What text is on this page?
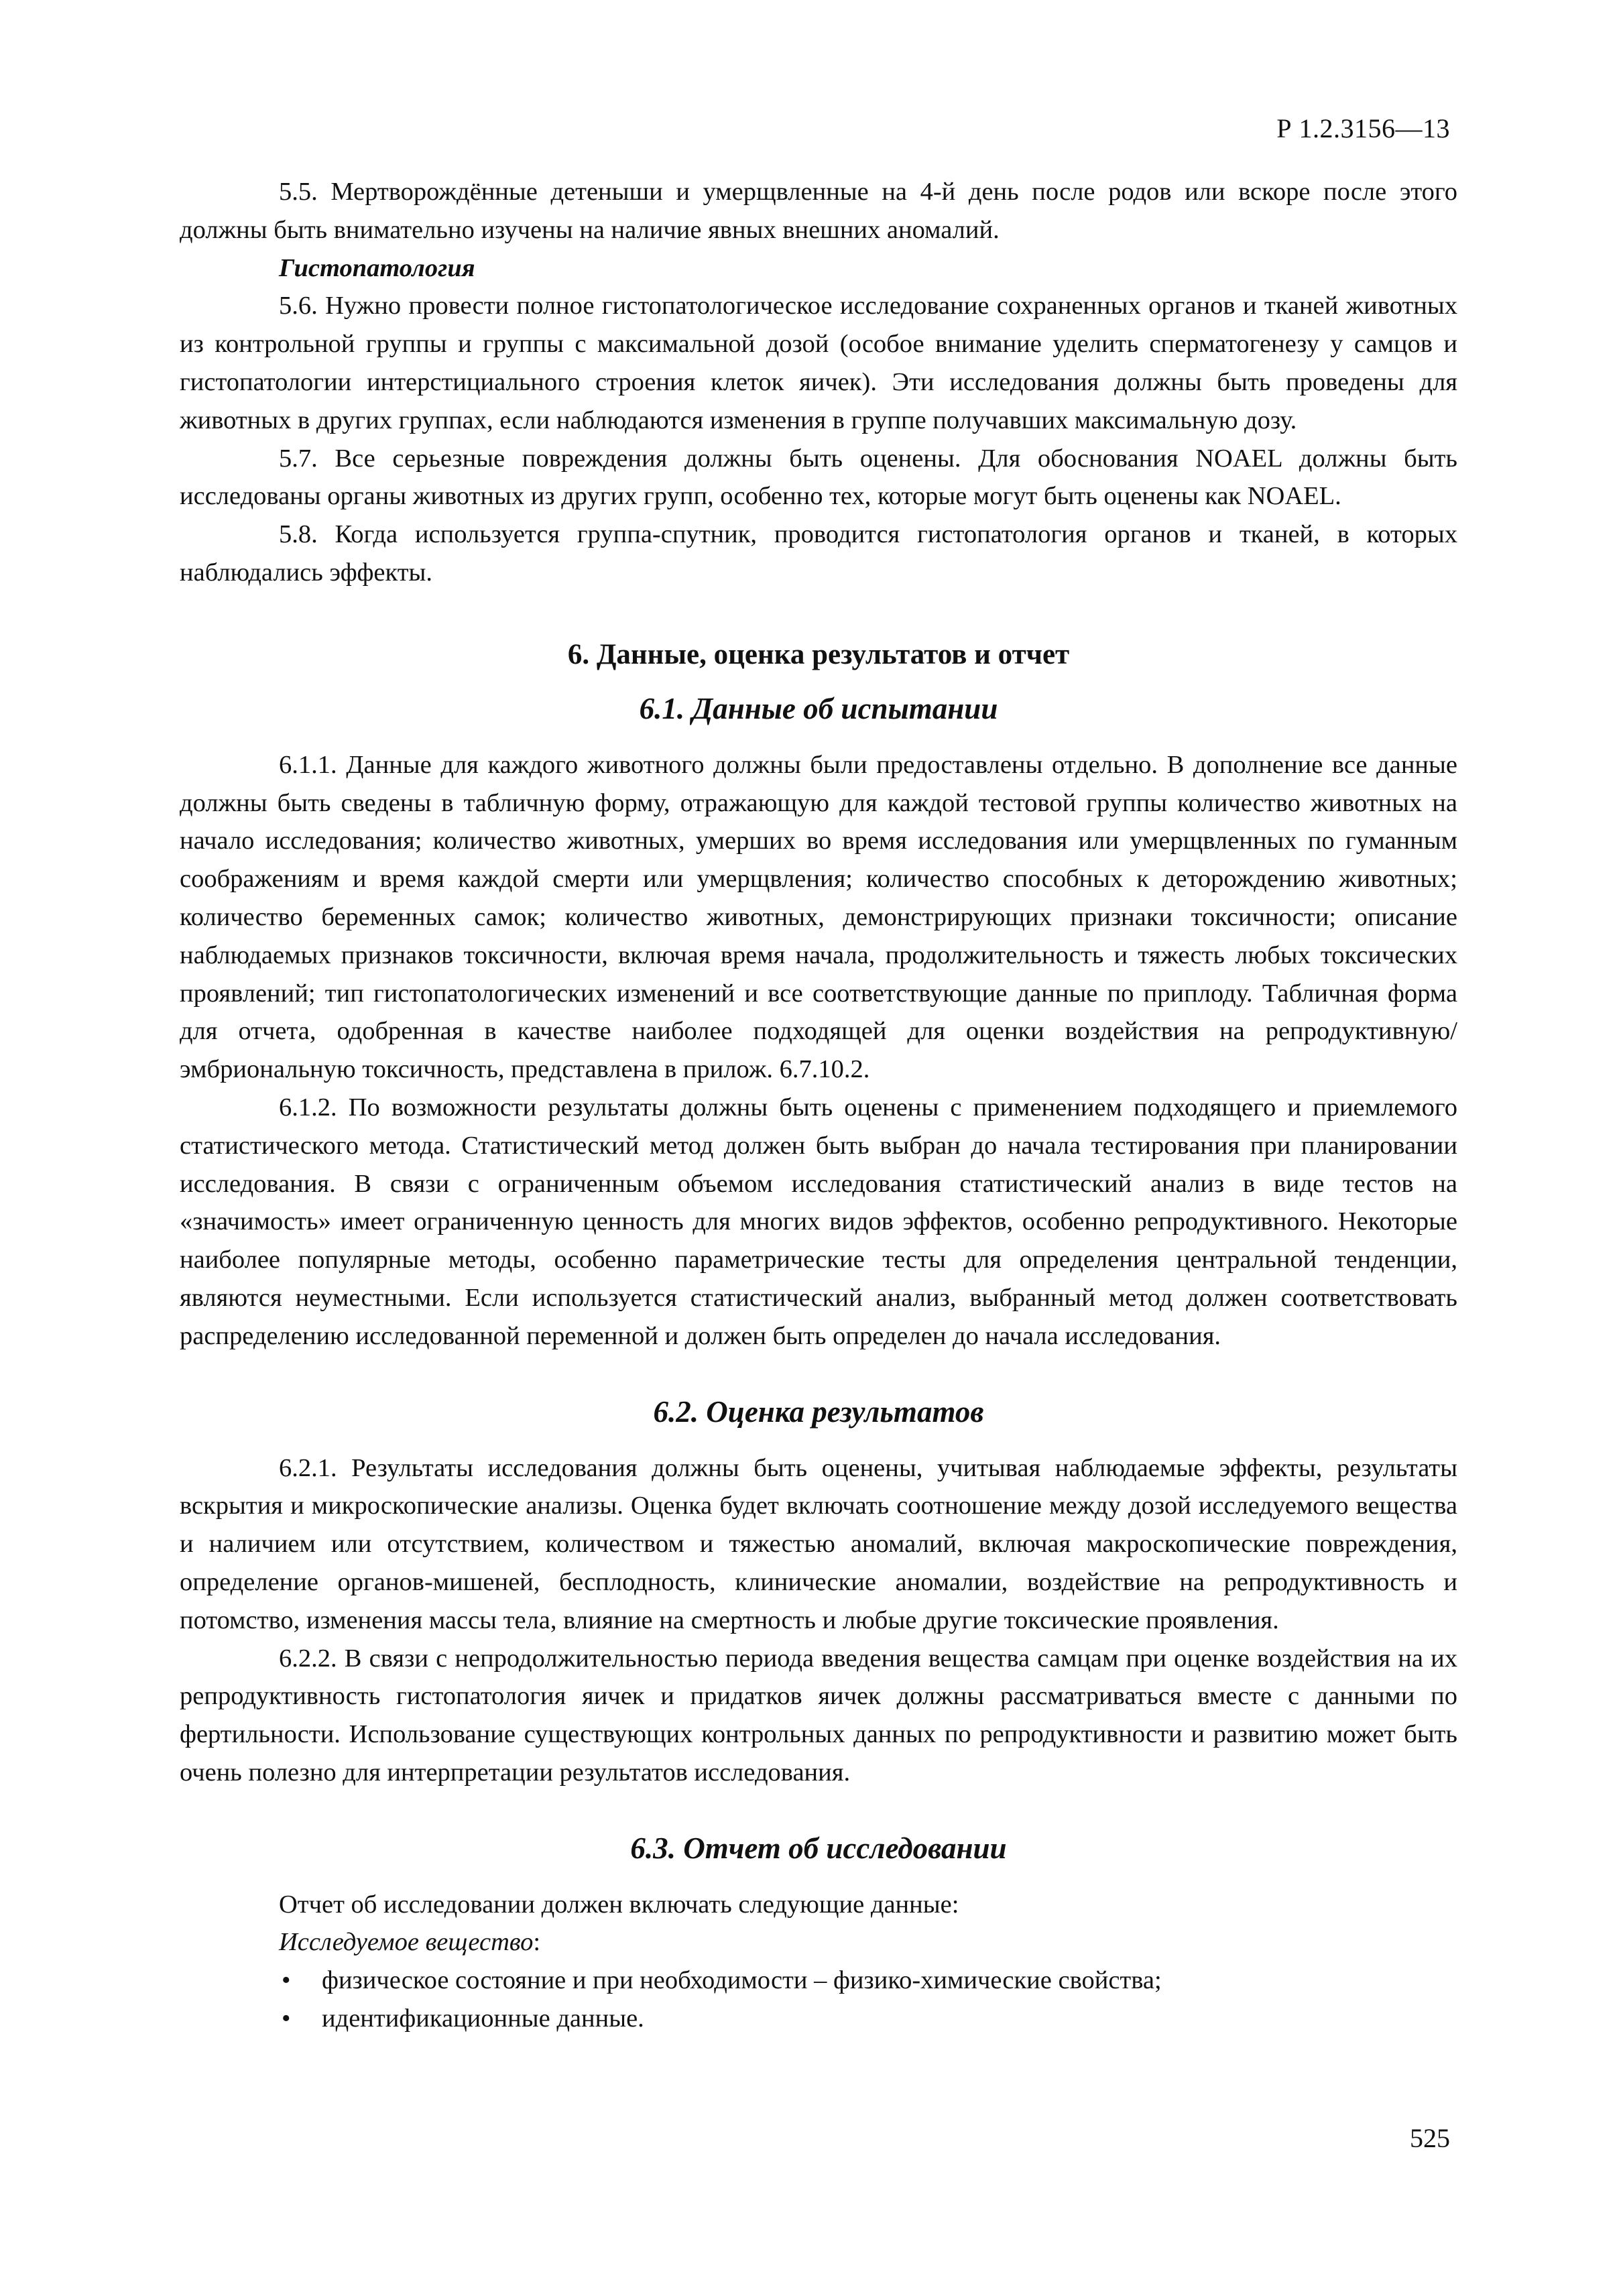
Р 1.2.3156—13

5.5. Мертворождённые детеныши и умерщвленные на 4-й день после родов или вскоре после этого должны быть внимательно изучены на наличие явных внешних аномалий.

Гистопатология

5.6. Нужно провести полное гистопатологическое исследование сохраненных органов и тканей животных из контрольной группы и группы с максимальной дозой (особое внимание уделить сперматогенезу у самцов и гистопатологии интерстициального строения клеток яичек). Эти исследования должны быть проведены для животных в других группах, если наблюдаются изменения в группе получавших максимальную дозу.

5.7. Все серьезные повреждения должны быть оценены. Для обоснования NOAEL должны быть исследованы органы животных из других групп, особенно тех, которые могут быть оценены как NOAEL.

5.8. Когда используется группа-спутник, проводится гистопатология органов и тканей, в которых наблюдались эффекты.

6. Данные, оценка результатов и отчет
6.1. Данные об испытании

6.1.1. Данные для каждого животного должны были предоставлены отдельно. В дополнение все данные должны быть сведены в табличную форму, отражающую для каждой тестовой группы количество животных на начало исследования; количество животных, умерших во время исследования или умерщвленных по гуманным соображениям и время каждой смерти или умерщвления; количество способных к деторождению животных; количество беременных самок; количество животных, демонстрирующих признаки токсичности; описание наблюдаемых признаков токсичности, включая время начала, продолжительность и тяжесть любых токсических проявлений; тип гистопатологических изменений и все соответствующие данные по приплоду. Табличная форма для отчета, одобренная в качестве наиболее подходящей для оценки воздействия на репродуктивную/эмбриональную токсичность, представлена в прилож. 6.7.10.2.

6.1.2. По возможности результаты должны быть оценены с применением подходящего и приемлемого статистического метода. Статистический метод должен быть выбран до начала тестирования при планировании исследования. В связи с ограниченным объемом исследования статистический анализ в виде тестов на «значимость» имеет ограниченную ценность для многих видов эффектов, особенно репродуктивного. Некоторые наиболее популярные методы, особенно параметрические тесты для определения центральной тенденции, являются неуместными. Если используется статистический анализ, выбранный метод должен соответствовать распределению исследованной переменной и должен быть определен до начала исследования.

6.2. Оценка результатов

6.2.1. Результаты исследования должны быть оценены, учитывая наблюдаемые эффекты, результаты вскрытия и микроскопические анализы. Оценка будет включать соотношение между дозой исследуемого вещества и наличием или отсутствием, количеством и тяжестью аномалий, включая макроскопические повреждения, определение органов-мишеней, бесплодность, клинические аномалии, воздействие на репродуктивность и потомство, изменения массы тела, влияние на смертность и любые другие токсические проявления.

6.2.2. В связи с непродолжительностью периода введения вещества самцам при оценке воздействия на их репродуктивность гистопатология яичек и придатков яичек должны рассматриваться вместе с данными по фертильности. Использование существующих контрольных данных по репродуктивности и развитию может быть очень полезно для интерпретации результатов исследования.

6.3. Отчет об исследовании

Отчет об исследовании должен включать следующие данные:

Исследуемое вещество:

• физическое состояние и при необходимости – физико-химические свойства;
• идентификационные данные.
525
